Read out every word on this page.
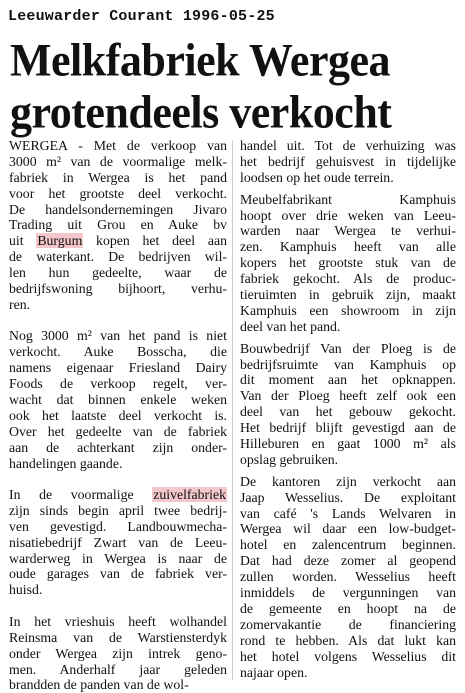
Leeuwarder Courant 1996-05-25
Melkfabriek Wergea
grotendeels verkocht
WERGEA - Met de verkoop van
3000 m² van de voormalige melk-
fabriek in Wergea is het pand
voor het grootste deel verkocht.
De handelsondernemingen Jivaro
Trading uit Grou en Auke bv
uit Burgum kopen het deel aan
de waterkant. De bedrijven wil-
len hun gedeelte, waar de
bedrijfswoning bijhoort, verhu-
ren.
Nog 3000 m² van het pand is niet
verkocht. Auke Bosscha, die
namens eigenaar Friesland Dairy
Foods de verkoop regelt, ver-
wacht dat binnen enkele weken
ook het laatste deel verkocht is.
Over het gedeelte van de fabriek
aan de achterkant zijn onder-
handelingen gaande.
In de voormalige zuivelfabriek
zijn sinds begin april twee bedrij-
ven gevestigd. Landbouwmecha-
nisatiebedrijf Zwart van de Leeu-
warderweg in Wergea is naar de
oude garages van de fabriek ver-
huisd.
In het vrieshuis heeft wolhandel
Reinsma van de Warstiensterdyk
onder Wergea zijn intrek geno-
men. Anderhalf jaar geleden
brandden de panden van de wol-
handel uit. Tot de verhuizing was
het bedrijf gehuisvest in tijdelijke
loodsen op het oude terrein.
Meubelfabrikant Kamphuis
hoopt over drie weken van Leeu-
warden naar Wergea te verhui-
zen. Kamphuis heeft van alle
kopers het grootste stuk van de
fabriek gekocht. Als de produc-
tieruimten in gebruik zijn, maakt
Kamphuis een showroom in zijn
deel van het pand.
Bouwbedrijf Van der Ploeg is de
bedrijfsruimte van Kamphuis op
dit moment aan het opknappen.
Van der Ploeg heeft zelf ook een
deel van het gebouw gekocht.
Het bedrijf blijft gevestigd aan de
Hilleburen en gaat 1000 m² als
opslag gebruiken.
De kantoren zijn verkocht aan
Jaap Wesselius. De exploitant
van café 's Lands Welvaren in
Wergea wil daar een low-budget-
hotel en zalencentrum beginnen.
Dat had deze zomer al geopend
zullen worden. Wesselius heeft
inmiddels de vergunningen van
de gemeente en hoopt na de
zomervakantie de financiering
rond te hebben. Als dat lukt kan
het hotel volgens Wesselius dit
najaar open.
